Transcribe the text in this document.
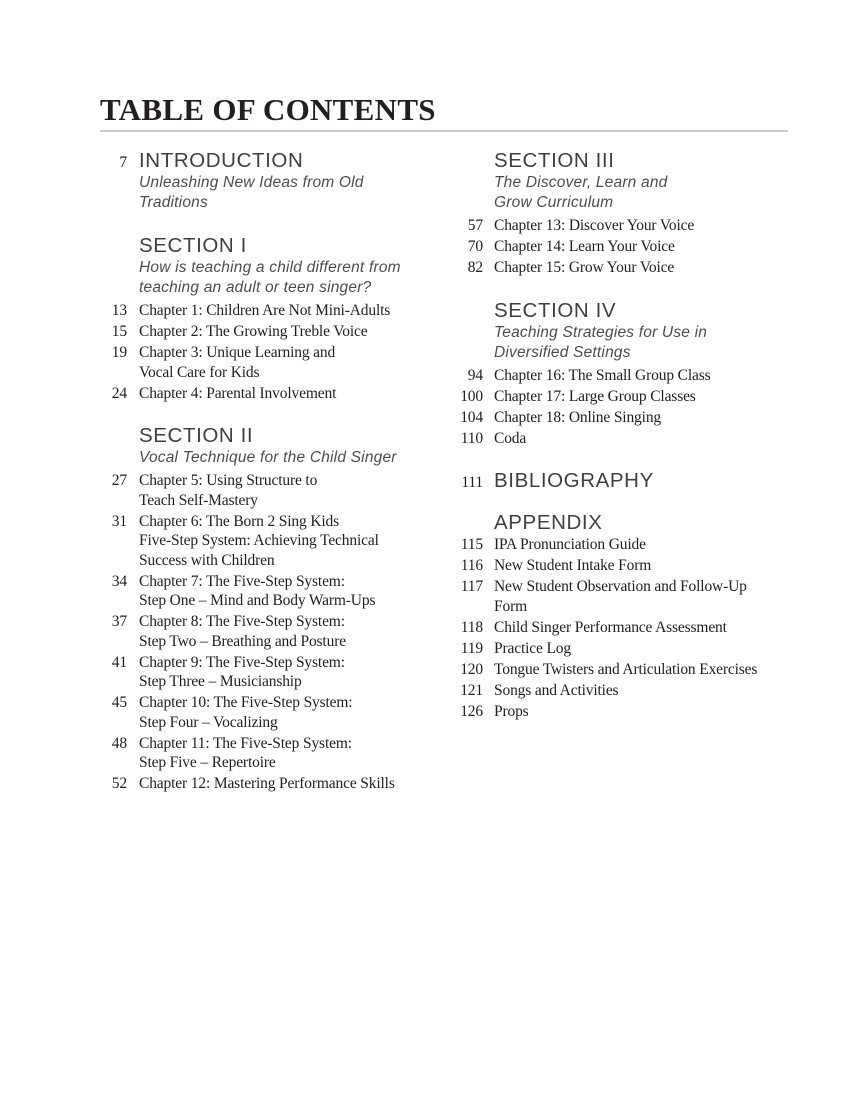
TABLE OF CONTENTS
7 INTRODUCTION
Unleashing New Ideas from Old
Traditions
SECTION I
How is teaching a child different from
teaching an adult or teen singer?
13 Chapter 1: Children Are Not Mini-Adults
15 Chapter 2: The Growing Treble Voice
19 Chapter 3: Unique Learning and
Vocal Care for Kids
24 Chapter 4: Parental Involvement
SECTION II
Vocal Technique for the Child Singer
27 Chapter 5: Using Structure to
Teach Self-Mastery
31 Chapter 6: The Born 2 Sing Kids
Five-Step System: Achieving Technical
Success with Children
34 Chapter 7: The Five-Step System:
Step One – Mind and Body Warm-Ups
37 Chapter 8: The Five-Step System:
Step Two – Breathing and Posture
41 Chapter 9: The Five-Step System:
Step Three – Musicianship
45 Chapter 10: The Five-Step System:
Step Four – Vocalizing
48 Chapter 11: The Five-Step System:
Step Five – Repertoire
52 Chapter 12: Mastering Performance Skills
SECTION III
The Discover, Learn and
Grow Curriculum
57 Chapter 13: Discover Your Voice
70 Chapter 14: Learn Your Voice
82 Chapter 15: Grow Your Voice
SECTION IV
Teaching Strategies for Use in
Diversified Settings
94 Chapter 16: The Small Group Class
100 Chapter 17: Large Group Classes
104 Chapter 18: Online Singing
110 Coda
111 BIBLIOGRAPHY
APPENDIX
115 IPA Pronunciation Guide
116 New Student Intake Form
117 New Student Observation and Follow-Up
Form
118 Child Singer Performance Assessment
119 Practice Log
120 Tongue Twisters and Articulation Exercises
121 Songs and Activities
126 Props
